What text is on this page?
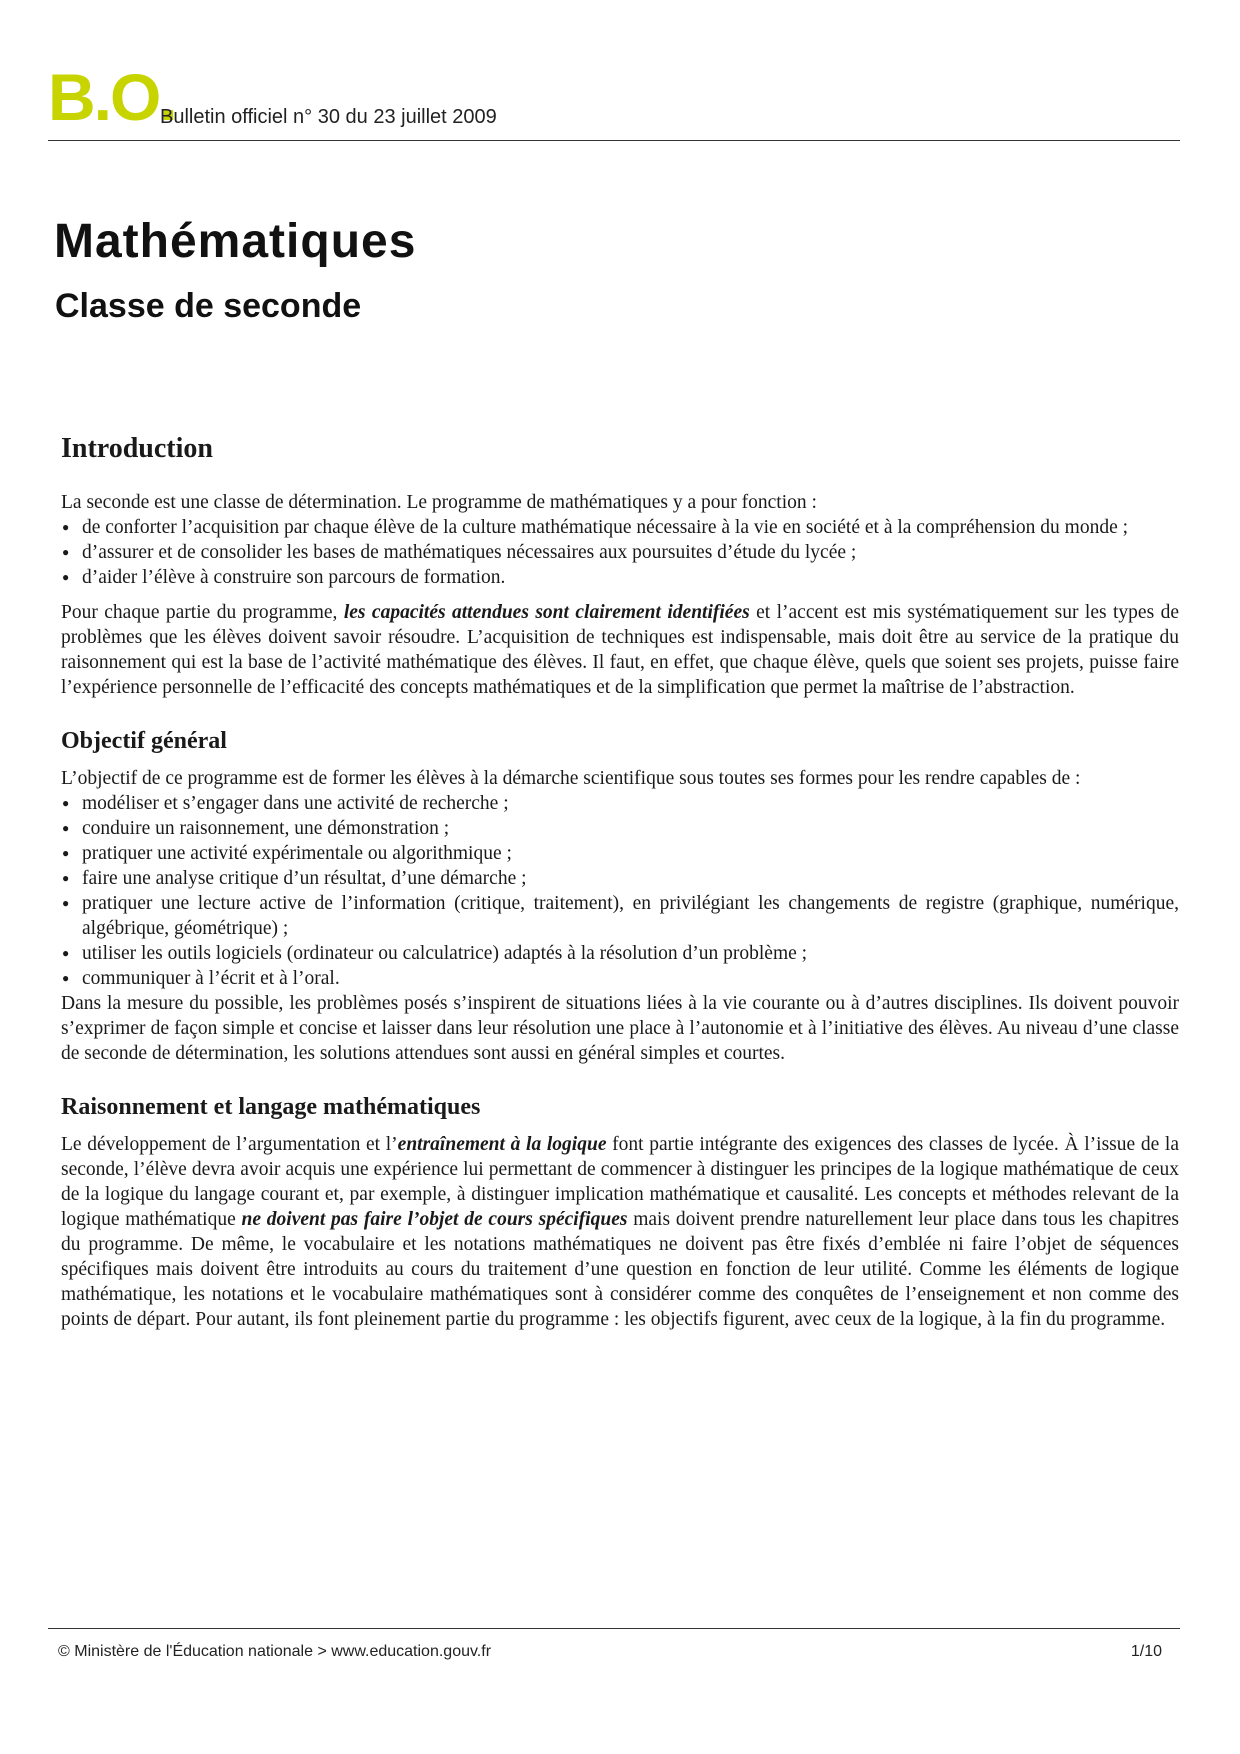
B.O.
Bulletin officiel n° 30 du 23 juillet 2009
Mathématiques
Classe de seconde
Introduction

La seconde est une classe de détermination. Le programme de mathématiques y a pour fonction :

● de conforter l’acquisition par chaque élève de la culture mathématique nécessaire à la vie en société et à la compréhension du monde ;
● d’assurer et de consolider les bases de mathématiques nécessaires aux poursuites d’étude du lycée ;
● d’aider l’élève à construire son parcours de formation.

Pour chaque partie du programme, les capacités attendues sont clairement identifiées et l’accent est mis systématiquement sur les types de problèmes que les élèves doivent savoir résoudre. L’acquisition de techniques est indispensable, mais doit être au service de la pratique du raisonnement qui est la base de l’activité mathématique des élèves. Il faut, en effet, que chaque élève, quels que soient ses projets, puisse faire l’expérience personnelle de l’efficacité des concepts mathématiques et de la simplification que permet la maîtrise de l’abstraction.

Objectif général

L’objectif de ce programme est de former les élèves à la démarche scientifique sous toutes ses formes pour les rendre capables de :

● modéliser et s’engager dans une activité de recherche ;
● conduire un raisonnement, une démonstration ;
● pratiquer une activité expérimentale ou algorithmique ;
● faire une analyse critique d’un résultat, d’une démarche ;
● pratiquer une lecture active de l’information (critique, traitement), en privilégiant les changements de registre (graphique, numérique, algébrique, géométrique) ;
● utiliser les outils logiciels (ordinateur ou calculatrice) adaptés à la résolution d’un problème ;
● communiquer à l’écrit et à l’oral.

Dans la mesure du possible, les problèmes posés s’inspirent de situations liées à la vie courante ou à d’autres disciplines. Ils doivent pouvoir s’exprimer de façon simple et concise et laisser dans leur résolution une place à l’autonomie et à l’initiative des élèves. Au niveau d’une classe de seconde de détermination, les solutions attendues sont aussi en général simples et courtes.

Raisonnement et langage mathématiques

Le développement de l’argumentation et l’entraînement à la logique font partie intégrante des exigences des classes de lycée. À l’issue de la seconde, l’élève devra avoir acquis une expérience lui permettant de commencer à distinguer les principes de la logique mathématique de ceux de la logique du langage courant et, par exemple, à distinguer implication mathématique et causalité. Les concepts et méthodes relevant de la logique mathématique ne doivent pas faire l’objet de cours spécifiques mais doivent prendre naturellement leur place dans tous les chapitres du programme. De même, le vocabulaire et les notations mathématiques ne doivent pas être fixés d’emblée ni faire l’objet de séquences spécifiques mais doivent être introduits au cours du traitement d’une question en fonction de leur utilité. Comme les éléments de logique mathématique, les notations et le vocabulaire mathématiques sont à considérer comme des conquêtes de l’enseignement et non comme des points de départ. Pour autant, ils font pleinement partie du programme : les objectifs figurent, avec ceux de la logique, à la fin du programme.

© Ministère de l'Éducation nationale > www.education.gouv.fr	1/10
